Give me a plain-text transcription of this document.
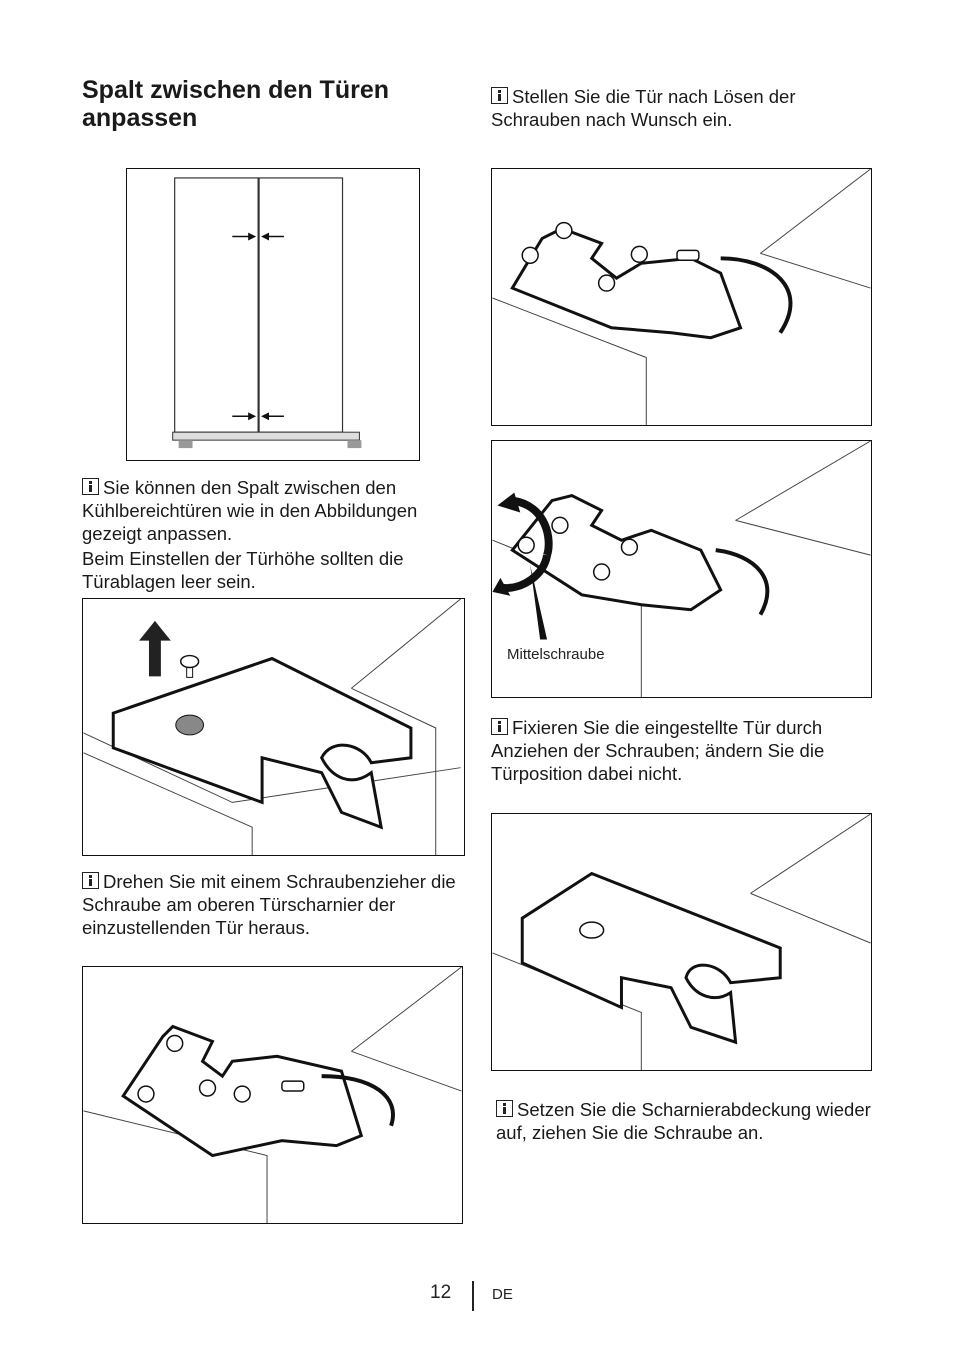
Spalt zwischen den Türen anpassen

Sie können den Spalt zwischen den Kühlbereichtüren wie in den Abbildungen gezeigt anpassen.

Beim Einstellen der Türhöhe sollten die Türablagen leer sein.

Drehen Sie mit einem Schraubenzieher die Schraube am oberen Türscharnier der einzustellenden Tür heraus.

Stellen Sie die Tür nach Lösen der Schrauben nach Wunsch ein.

Mittelschraube

Fixieren Sie die eingestellte Tür durch Anziehen der Schrauben; ändern Sie die Türposition dabei nicht.

Setzen Sie die Scharnierabdeckung wieder auf, ziehen Sie die Schraube an.

12	DE
